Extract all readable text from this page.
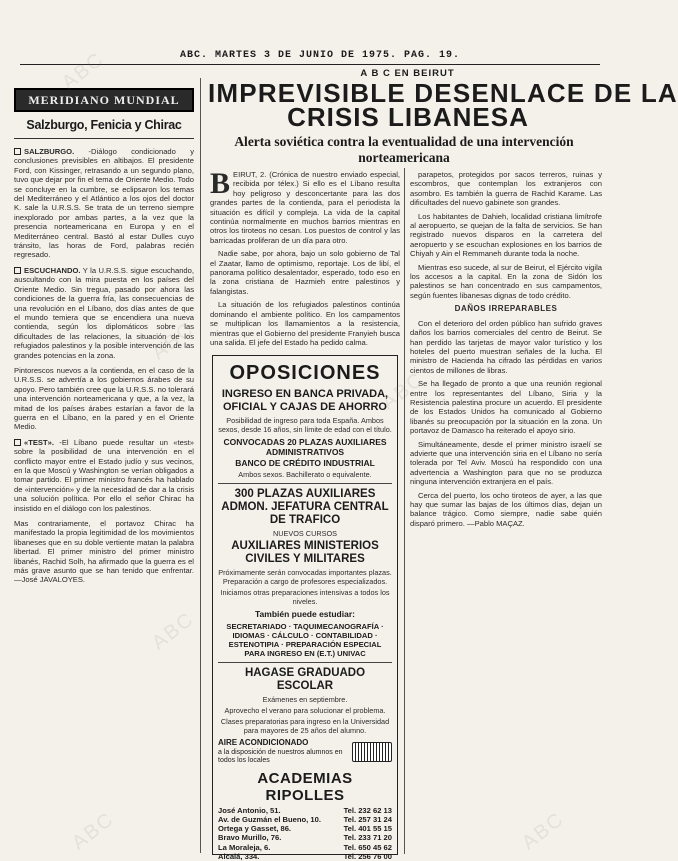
ABC. MARTES 3 DE JUNIO DE 1975. PAG. 19.
MERIDIANO MUNDIAL
Salzburgo, Fenicia y Chirac

SALZBURGO. -Diálogo condicionado y conclusiones previsibles en altibajos. El presidente Ford, con Kissinger, retrasando a un segundo plano, tuvo que dejar por fin el tema de Oriente Medio. Todo se concluye en la cumbre, se eclipsaron los temas del Mediterráneo y el Atlántico a los ojos del doctor K. sale la U.R.S.S. Se trata de un terreno siempre inexplorado por ambas partes, a la vez que la presencia norteamericana en Europa y en el Mediterráneo central. Bastó al estar Dulles cuyo tránsito, las horas de Ford, palabras recién regresado.

ESCUCHANDO. Y la U.R.S.S. sigue escuchando, auscultando con la mira puesta en los países del Oriente Medio. Sin tregua, pasado por ahora las condiciones de la guerra fría, las consecuencias de una revolución en el Líbano, dos días antes de que el mundo temiera que se encendiera una nueva contienda, según los diplomáticos sobre las dificultades de las relaciones, la situación de los refugiados palestinos y la posible intervención de las grandes potencias en la zona.

Pintorescos nuevos a la contienda, en el caso de la U.R.S.S. se advertía a los gobiernos árabes de su apoyo. Pero también cree que la U.R.S.S. no tolerará una intervención norteamericana y que, a la vez, la mitad de los países árabes estarían a favor de la guerra en el Líbano, en la pared y en el Oriente Medio.

«TEST». -El Líbano puede resultar un «test» sobre la posibilidad de una intervención en el conflicto mayor entre el Estado judío y sus vecinos, en la que Moscú y Washington se verían obligados a tomar partido. El primer ministro francés ha hablado de «intervención» y de la necesidad de dar a la crisis una solución política. Por ello el señor Chirac ha insistido en el diálogo con los palestinos.

Mas contrariamente, el portavoz Chirac ha manifestado la propia legitimidad de los movimientos libaneses que en su doble vertiente matan la palabra libertad. El primer ministro del primer ministro libanés, Rachid Solh, ha afirmado que la guerra es el más grave asunto que se han tenido que enfrentar. —José JAVALOYES.

A B C EN BEIRUT
IMPREVISIBLE DESENLACE DE LA
CRISIS LIBANESA
Alerta soviética contra la eventualidad de una intervención norteamericana

BEIRUT, 2. (Crónica de nuestro enviado especial, recibida por télex.) Si ello es el Líbano resulta hoy peligroso y desconcertante para las dos grandes partes de la contienda, para el periodista la situación es difícil y compleja. La vida de la capital continúa normalmente en muchos barrios mientras en otros los tiroteos no cesan. Los puestos de control y las barricadas proliferan de un día para otro.

Nadie sabe, por ahora, bajo un solo gobierno de Tal el Zaatar, llamo de optimismo, reportaje. Los de libí, el panorama político desalentador, esperado, todo eso en la zona cristiana de Hazmieh entre palestinos y falangistas.

La situación de los refugiados palestinos continúa dominando el ambiente político. En los campamentos se multiplican los llamamientos a la resistencia, mientras que el Gobierno del presidente Franyieh busca una salida. El jefe del Estado ha pedido calma.

parapetos, protegidos por sacos terreros, ruinas y escombros, que contemplan los extranjeros con asombro. Es también la guerra de Rachid Karame. Las dificultades del nuevo gabinete son grandes.

Los habitantes de Dahieh, localidad cristiana limítrofe al aeropuerto, se quejan de la falta de servicios. Se han registrado nuevos disparos en la carretera del aeropuerto y se escuchan explosiones en los barrios de Chiyah y Ain el Remmaneh durante toda la noche.

Mientras eso sucede, al sur de Beirut, el Ejército vigila los accesos a la capital. En la zona de Sidón los palestinos se han concentrado en sus campamentos, según fuentes libanesas dignas de todo crédito.

DAÑOS IRREPARABLES

Con el deterioro del orden público han sufrido graves daños los barrios comerciales del centro de Beirut. Se han perdido las tarjetas de mayor valor turístico y los hoteles del puerto muestran señales de la lucha. El ministro de Hacienda ha cifrado las pérdidas en varios cientos de millones de libras.

Se ha llegado de pronto a que una reunión regional entre los representantes del Líbano, Siria y la Resistencia palestina procure un acuerdo. El presidente de los Estados Unidos ha comunicado al Gobierno libanés su preocupación por la situación en la zona. Un portavoz de Damasco ha reiterado el apoyo sirio.

Simultáneamente, desde el primer ministro israelí se advierte que una intervención siria en el Líbano no sería tolerada por Tel Aviv. Moscú ha respondido con una advertencia a Washington para que no se produzca ninguna intervención extranjera en el país.

Cerca del puerto, los ocho tiroteos de ayer, a las que hay que sumar las bajas de los últimos días, dejan un balance trágico. Como siempre, nadie sabe quién disparó primero. —Pablo MAÇAZ.

OPOSICIONES
INGRESO EN BANCA PRIVADA, OFICIAL Y CAJAS DE AHORRO
Posibilidad de ingreso para toda España. Ambos sexos, desde 16 años, sin límite de edad con el título.
CONVOCADAS 20 PLAZAS AUXILIARES ADMINISTRATIVOS
BANCO DE CRÉDITO INDUSTRIAL
Ambos sexos. Bachillerato o equivalente.
300 PLAZAS AUXILIARES ADMON. JEFATURA CENTRAL DE TRAFICO
NUEVOS CURSOS
AUXILIARES MINISTERIOS CIVILES Y MILITARES
Próximamente serán convocadas importantes plazas. Preparación a cargo de profesores especializados.
Iniciamos otras preparaciones intensivas a todos los niveles.
También puede estudiar:
SECRETARIADO · TAQUIMECANOGRAFÍA · IDIOMAS · CÁLCULO · CONTABILIDAD · ESTENOTIPIA · PREPARACIÓN ESPECIAL PARA INGRESO EN (E.T.) UNIVAC
HAGASE GRADUADO ESCOLAR
Exámenes en septiembre.
Aprovecho el verano para solucionar el problema.
Clases preparatorias para ingreso en la Universidad para mayores de 25 años del alumno.
AIRE ACONDICIONADO
a la disposición de nuestros alumnos en todos los locales
ACADEMIAS RIPOLLES
José Antonio, 51.	Tel. 232 62 13
Av. de Guzmán el Bueno, 10.	Tel. 257 31 24
Ortega y Gasset, 86.	Tel. 401 55 15
Bravo Murillo, 76.	Tel. 233 71 20
La Moraleja, 6.	Tel. 650 45 62
Alcalá, 334.	Tel. 256 76 00
ABC
ABC
ABC
ABC
ABC	ABC
